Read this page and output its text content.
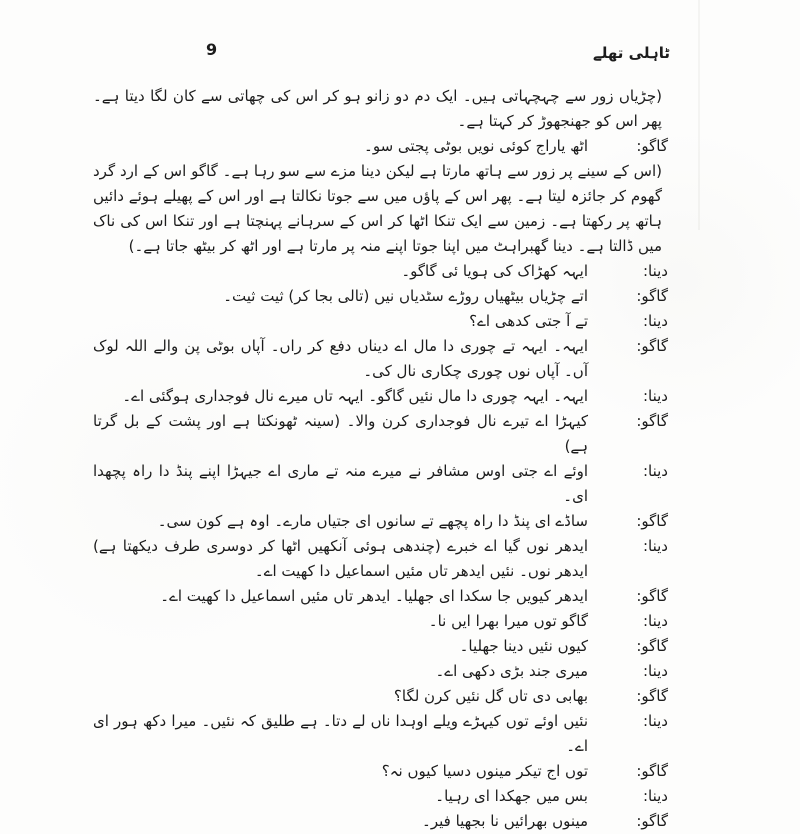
9	ٹاہلی تھلے
(چڑیاں زور سے چہچہاتی ہیں۔ ایک دم دو زانو ہو کر اس کی چھاتی سے کان لگا دیتا ہے۔ پھر اس کو جھنجھوڑ کر کہتا ہے۔
گاگو:
اٹھ یاراج کوئی نویں بوٹی پجتی سو۔
(اس کے سینے پر زور سے ہاتھ مارتا ہے لیکن دینا مزے سے سو رہا ہے۔ گاگو اس کے ارد گرد گھوم کر جائزہ لیتا ہے۔ پھر اس کے پاؤں میں سے جوتا نکالتا ہے اور اس کے پھیلے ہوئے دائیں ہاتھ پر رکھتا ہے۔ زمین سے ایک تنکا اٹھا کر اس کے سرہانے پہنچتا ہے اور تنکا اس کی ناک میں ڈالتا ہے۔ دینا گھبراہٹ میں اپنا جوتا اپنے منہ پر مارتا ہے اور اٹھ کر بیٹھ جاتا ہے۔)
دینا:
ایہہ کھڑاک کی ہویا ئی گاگو۔
گاگو:
اتے چڑیاں بیٹھیاں روڑے سٹدیاں نیں (تالی بجا کر) ثیت ثیت۔
دینا:
تے آ جتی کدھی اے؟
گاگو:
ایہہ۔ ایہہ تے چوری دا مال اے دیناں دفع کر راں۔ آپاں بوٹی پن والے اللہ لوک آں۔ آپاں نوں چوری چکاری نال کی۔
دینا:
ایہہ۔ ایہہ چوری دا مال نئیں گاگو۔ ایہہ تاں میرے نال فوجداری ہوگئی اے۔
گاگو:
کیہڑا اے تیرے نال فوجداری کرن والا۔ (سینہ ٹھونکتا ہے اور پشت کے بل گرتا ہے)
دینا:
اوئے اے جتی اوس مشافر نے میرے منہ تے ماری اے جیہڑا اپنے پنڈ دا راہ پچھدا ای۔
گاگو:
ساڈے ای پنڈ دا راہ پچھے تے سانوں ای جتیاں مارے۔ اوہ ہے کون سی۔
دینا:
ایدھر نوں گیا اے خبرے (چندھی ہوئی آنکھیں اٹھا کر دوسری طرف دیکھتا ہے) ایدھر نوں۔ نئیں ایدھر تاں مئیں اسماعیل دا کھیت اے۔
گاگو:
ایدھر کیویں جا سکدا ای جھلیا۔ ایدھر تاں مئیں اسماعیل دا کھیت اے۔
دینا:
گاگو توں میرا بھرا ایں نا۔
گاگو:
کیوں نئیں دینا جھلیا۔
دینا:
میری جند بڑی دکھی اے۔
گاگو:
بھابی دی تاں گل نئیں کرن لگا؟
دینا:
نئیں اوئے توں کیہڑے ویلے اوہدا ناں لے دتا۔ ہے طلیق کہ نئیں۔ میرا دکھ ہور ای اے۔
گاگو:
توں اج تیکر مینوں دسیا کیوں نہ؟
دینا:
بس میں جھکدا ای رہیا۔
گاگو:
مینوں بھرائیں نا بجھیا فیر۔
